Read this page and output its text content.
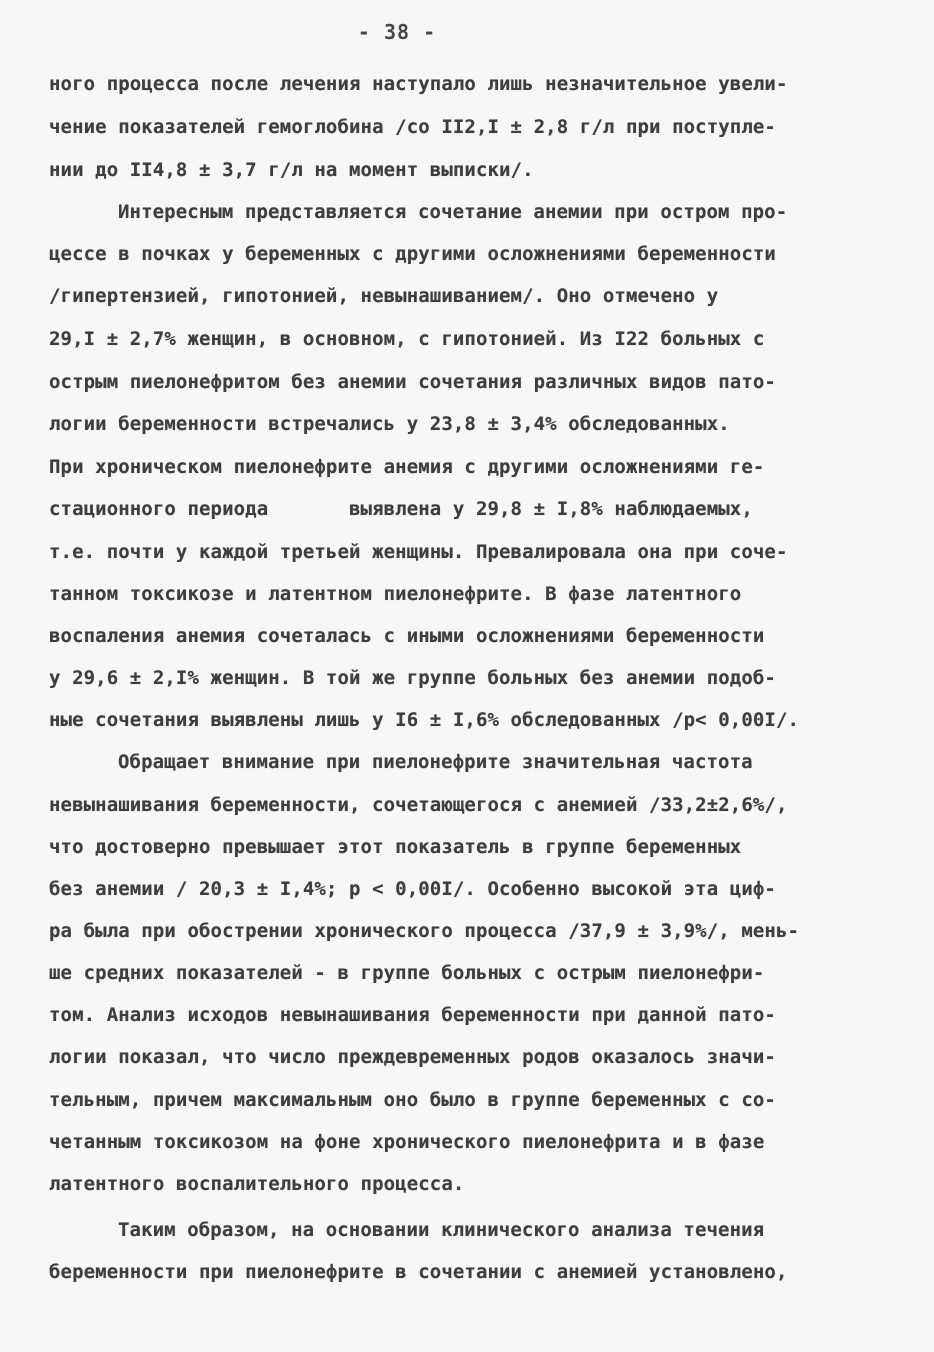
- 38 -
ного процесса после лечения наступало лишь незначительное увели-
чение показателей гемоглобина /со II2,I ± 2,8 г/л при поступле-
нии до II4,8 ± 3,7 г/л на момент выписки/.
Интересным представляется сочетание анемии при остром про-
цессе в почках у беременных с другими осложнениями беременности
/гипертензией, гипотонией, невынашиванием/. Оно отмечено у
29,I ± 2,7% женщин, в основном, с гипотонией. Из I22 больных с
острым пиелонефритом без анемии сочетания различных видов пато-
логии беременности встречались у 23,8 ± 3,4% обследованных.
При хроническом пиелонефрите анемия с другими осложнениями ге-
стационного периода       выявлена у 29,8 ± I,8% наблюдаемых,
т.е. почти у каждой третьей женщины. Превалировала она при соче-
танном токсикозе и латентном пиелонефрите. В фазе латентного
воспаления анемия сочеталась с иными осложнениями беременности
у 29,6 ± 2,I% женщин. В той же группе больных без анемии подоб-
ные сочетания выявлены лишь у I6 ± I,6% обследованных /р< 0,00I/.
Обращает внимание при пиелонефрите значительная частота
невынашивания беременности, сочетающегося с анемией /33,2±2,6%/,
что достоверно превышает этот показатель в группе беременных
без анемии / 20,3 ± I,4%; р < 0,00I/. Особенно высокой эта циф-
ра была при обострении хронического процесса /37,9 ± 3,9%/, мень-
ше средних показателей - в группе больных с острым пиелонефри-
том. Анализ исходов невынашивания беременности при данной пато-
логии показал, что число преждевременных родов оказалось значи-
тельным, причем максимальным оно было в группе беременных с со-
четанным токсикозом на фоне хронического пиелонефрита и в фазе
латентного воспалительного процесса.
Таким образом, на основании клинического анализа течения
беременности при пиелонефрите в сочетании с анемией установлено,
